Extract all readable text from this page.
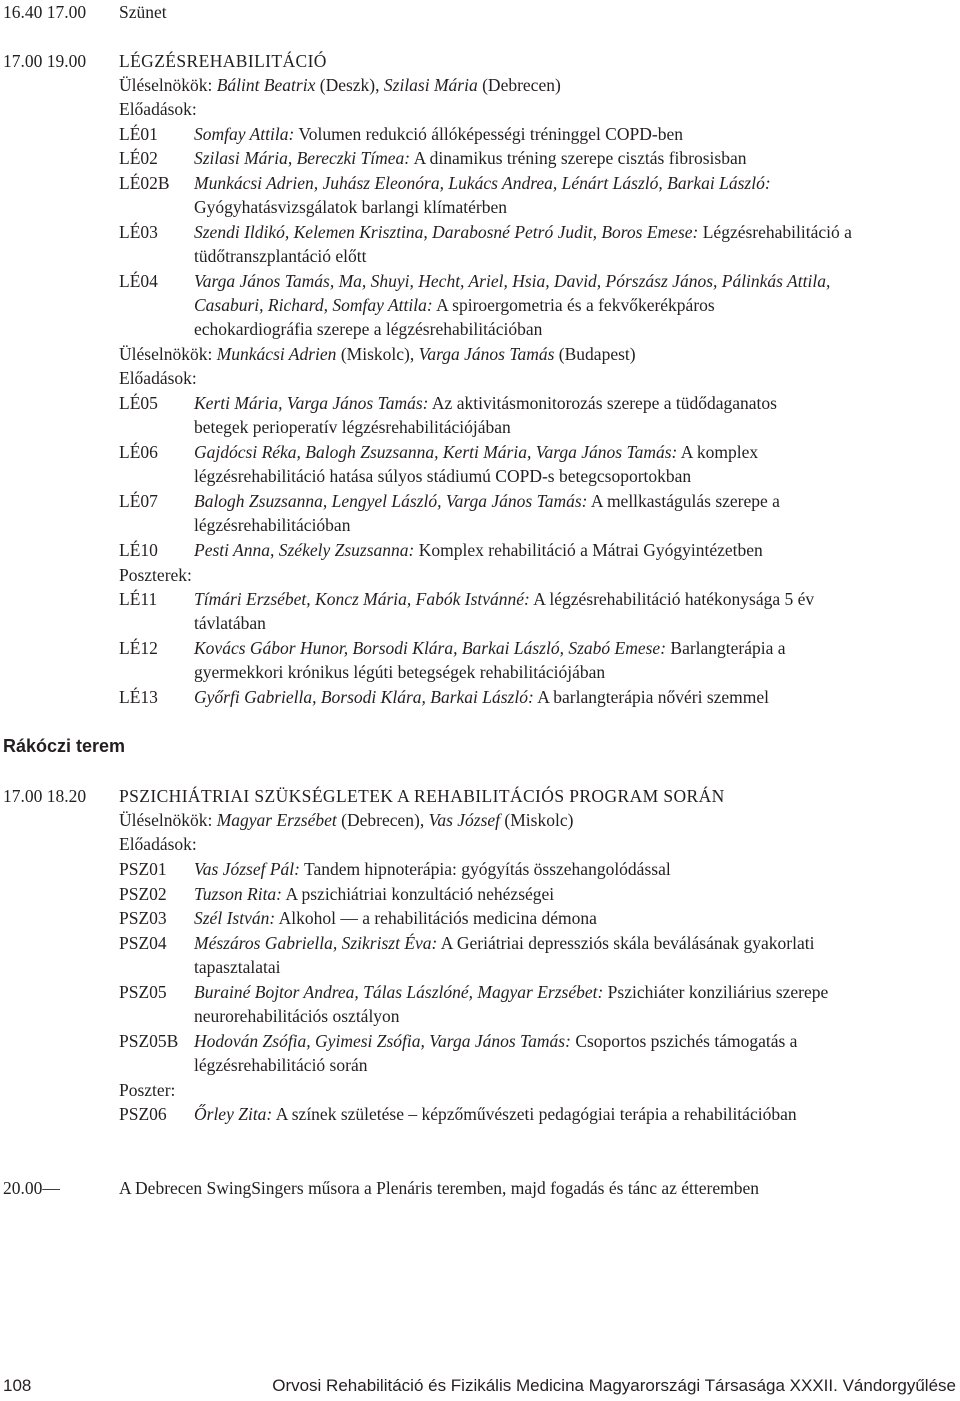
16.40 17.00 Szünet
17.00 19.00 LÉGZÉSREHABILITÁCIÓ
Üléselnökök: Bálint Beatrix (Deszk), Szilasi Mária (Debrecen)
Előadások:
LÉ01 Somfay Attila: Volumen redukció állóképességi tréninggel COPD-ben
LÉ02 Szilasi Mária, Bereczki Tímea: A dinamikus tréning szerepe cisztás fibrosisban
LÉ02B Munkácsi Adrien, Juhász Eleonóra, Lukács Andrea, Lénárt László, Barkai László:
Gyógyhatásvizsgálatok barlangi klímatérben
LÉ03 Szendi Ildikó, Kelemen Krisztina, Darabosné Petró Judit, Boros Emese: Légzésrehabilitáció a
tüdőtranszplantáció előtt
LÉ04 Varga János Tamás, Ma, Shuyi, Hecht, Ariel, Hsia, David, Pórszász János, Pálinkás Attila,
Casaburi, Richard, Somfay Attila: A spiroergometria és a fekvőkerékpáros
echokardiográfia szerepe a légzésrehabilitációban
Üléselnökök: Munkácsi Adrien (Miskolc), Varga János Tamás (Budapest)
Előadások:
LÉ05 Kerti Mária, Varga János Tamás: Az aktivitásmonitorozás szerepe a tüdődaganatos
betegek perioperatív légzésrehabilitációjában
LÉ06 Gajdócsi Réka, Balogh Zsuzsanna, Kerti Mária, Varga János Tamás: A komplex
légzésrehabilitáció hatása súlyos stádiumú COPD-s betegcsoportokban
LÉ07 Balogh Zsuzsanna, Lengyel László, Varga János Tamás: A mellkastágulás szerepe a
légzésrehabilitációban
LÉ10 Pesti Anna, Székely Zsuzsanna: Komplex rehabilitáció a Mátrai Gyógyintézetben
Poszterek:
LÉ11 Tímári Erzsébet, Koncz Mária, Fabók Istvánné: A légzésrehabilitáció hatékonysága 5 év
távlatában
LÉ12 Kovács Gábor Hunor, Borsodi Klára, Barkai László, Szabó Emese: Barlangterápia a
gyermekkori krónikus légúti betegségek rehabilitációjában
LÉ13 Győrfi Gabriella, Borsodi Klára, Barkai László: A barlangterápia nővéri szemmel
Rákóczi terem
17.00 18.20 PSZICHIÁTRIAI SZÜKSÉGLETEK A REHABILITÁCIÓS PROGRAM SORÁN
Üléselnökök: Magyar Erzsébet (Debrecen), Vas József (Miskolc)
Előadások:
PSZ01 Vas József Pál: Tandem hipnoterápia: gyógyítás összehangolódással
PSZ02 Tuzson Rita: A pszichiátriai konzultáció nehézségei
PSZ03 Szél István: Alkohol — a rehabilitációs medicina démona
PSZ04 Mészáros Gabriella, Szikriszt Éva: A Geriátriai depressziós skála beválásának gyakorlati
tapasztalatai
PSZ05 Burainé Bojtor Andrea, Tálas Lászlóné, Magyar Erzsébet: Pszichiáter konziliárius szerepe
neurorehabilitációs osztályon
PSZ05B Hodován Zsófia, Gyimesi Zsófia, Varga János Tamás: Csoportos pszichés támogatás a
légzésrehabilitáció során
Poszter:
PSZ06 Őrley Zita: A színek születése – képzőművészeti pedagógiai terápia a rehabilitációban
20.00—	A Debrecen SwingSingers műsora a Plenáris teremben, majd fogadás és tánc az étteremben
108	Orvosi Rehabilitáció és Fizikális Medicina Magyarországi Társasága XXXII. Vándorgyűlése
